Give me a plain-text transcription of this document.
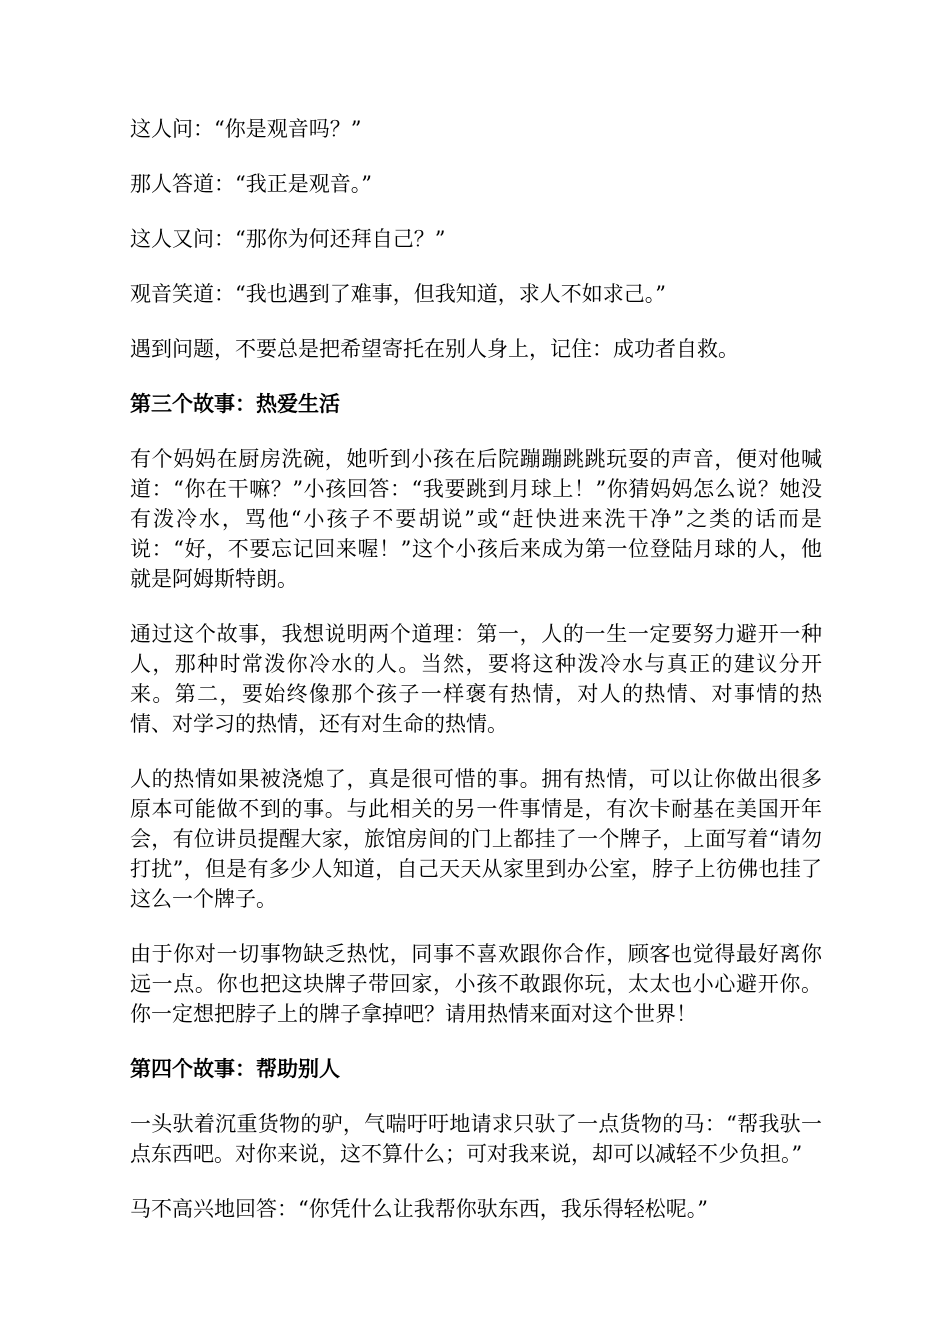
这人问：“你是观音吗？”

那人答道：“我正是观音。”

这人又问：“那你为何还拜自己？”

观音笑道：“我也遇到了难事，但我知道，求人不如求己。”

遇到问题，不要总是把希望寄托在别人身上，记住：成功者自救。

第三个故事：热爱生活

有个妈妈在厨房洗碗，她听到小孩在后院蹦蹦跳跳玩耍的声音，便对他喊道：“你在干嘛？”小孩回答：“我要跳到月球上！”你猜妈妈怎么说？她没有泼冷水，骂他“小孩子不要胡说”或“赶快进来洗干净”之类的话而是说：“好，不要忘记回来喔！”这个小孩后来成为第一位登陆月球的人，他就是阿姆斯特朗。

通过这个故事，我想说明两个道理：第一，人的一生一定要努力避开一种人，那种时常泼你冷水的人。当然，要将这种泼冷水与真正的建议分开来。第二，要始终像那个孩子一样褒有热情，对人的热情、对事情的热情、对学习的热情，还有对生命的热情。

人的热情如果被浇熄了，真是很可惜的事。拥有热情，可以让你做出很多原本可能做不到的事。与此相关的另一件事情是，有次卡耐基在美国开年会，有位讲员提醒大家，旅馆房间的门上都挂了一个牌子，上面写着“请勿打扰”，但是有多少人知道，自己天天从家里到办公室，脖子上彷佛也挂了这么一个牌子。

由于你对一切事物缺乏热忱，同事不喜欢跟你合作，顾客也觉得最好离你远一点。你也把这块牌子带回家，小孩不敢跟你玩，太太也小心避开你。你一定想把脖子上的牌子拿掉吧？请用热情来面对这个世界！

第四个故事：帮助别人

一头驮着沉重货物的驴，气喘吁吁地请求只驮了一点货物的马：“帮我驮一点东西吧。对你来说，这不算什么；可对我来说，却可以减轻不少负担。”

马不高兴地回答：“你凭什么让我帮你驮东西，我乐得轻松呢。”
